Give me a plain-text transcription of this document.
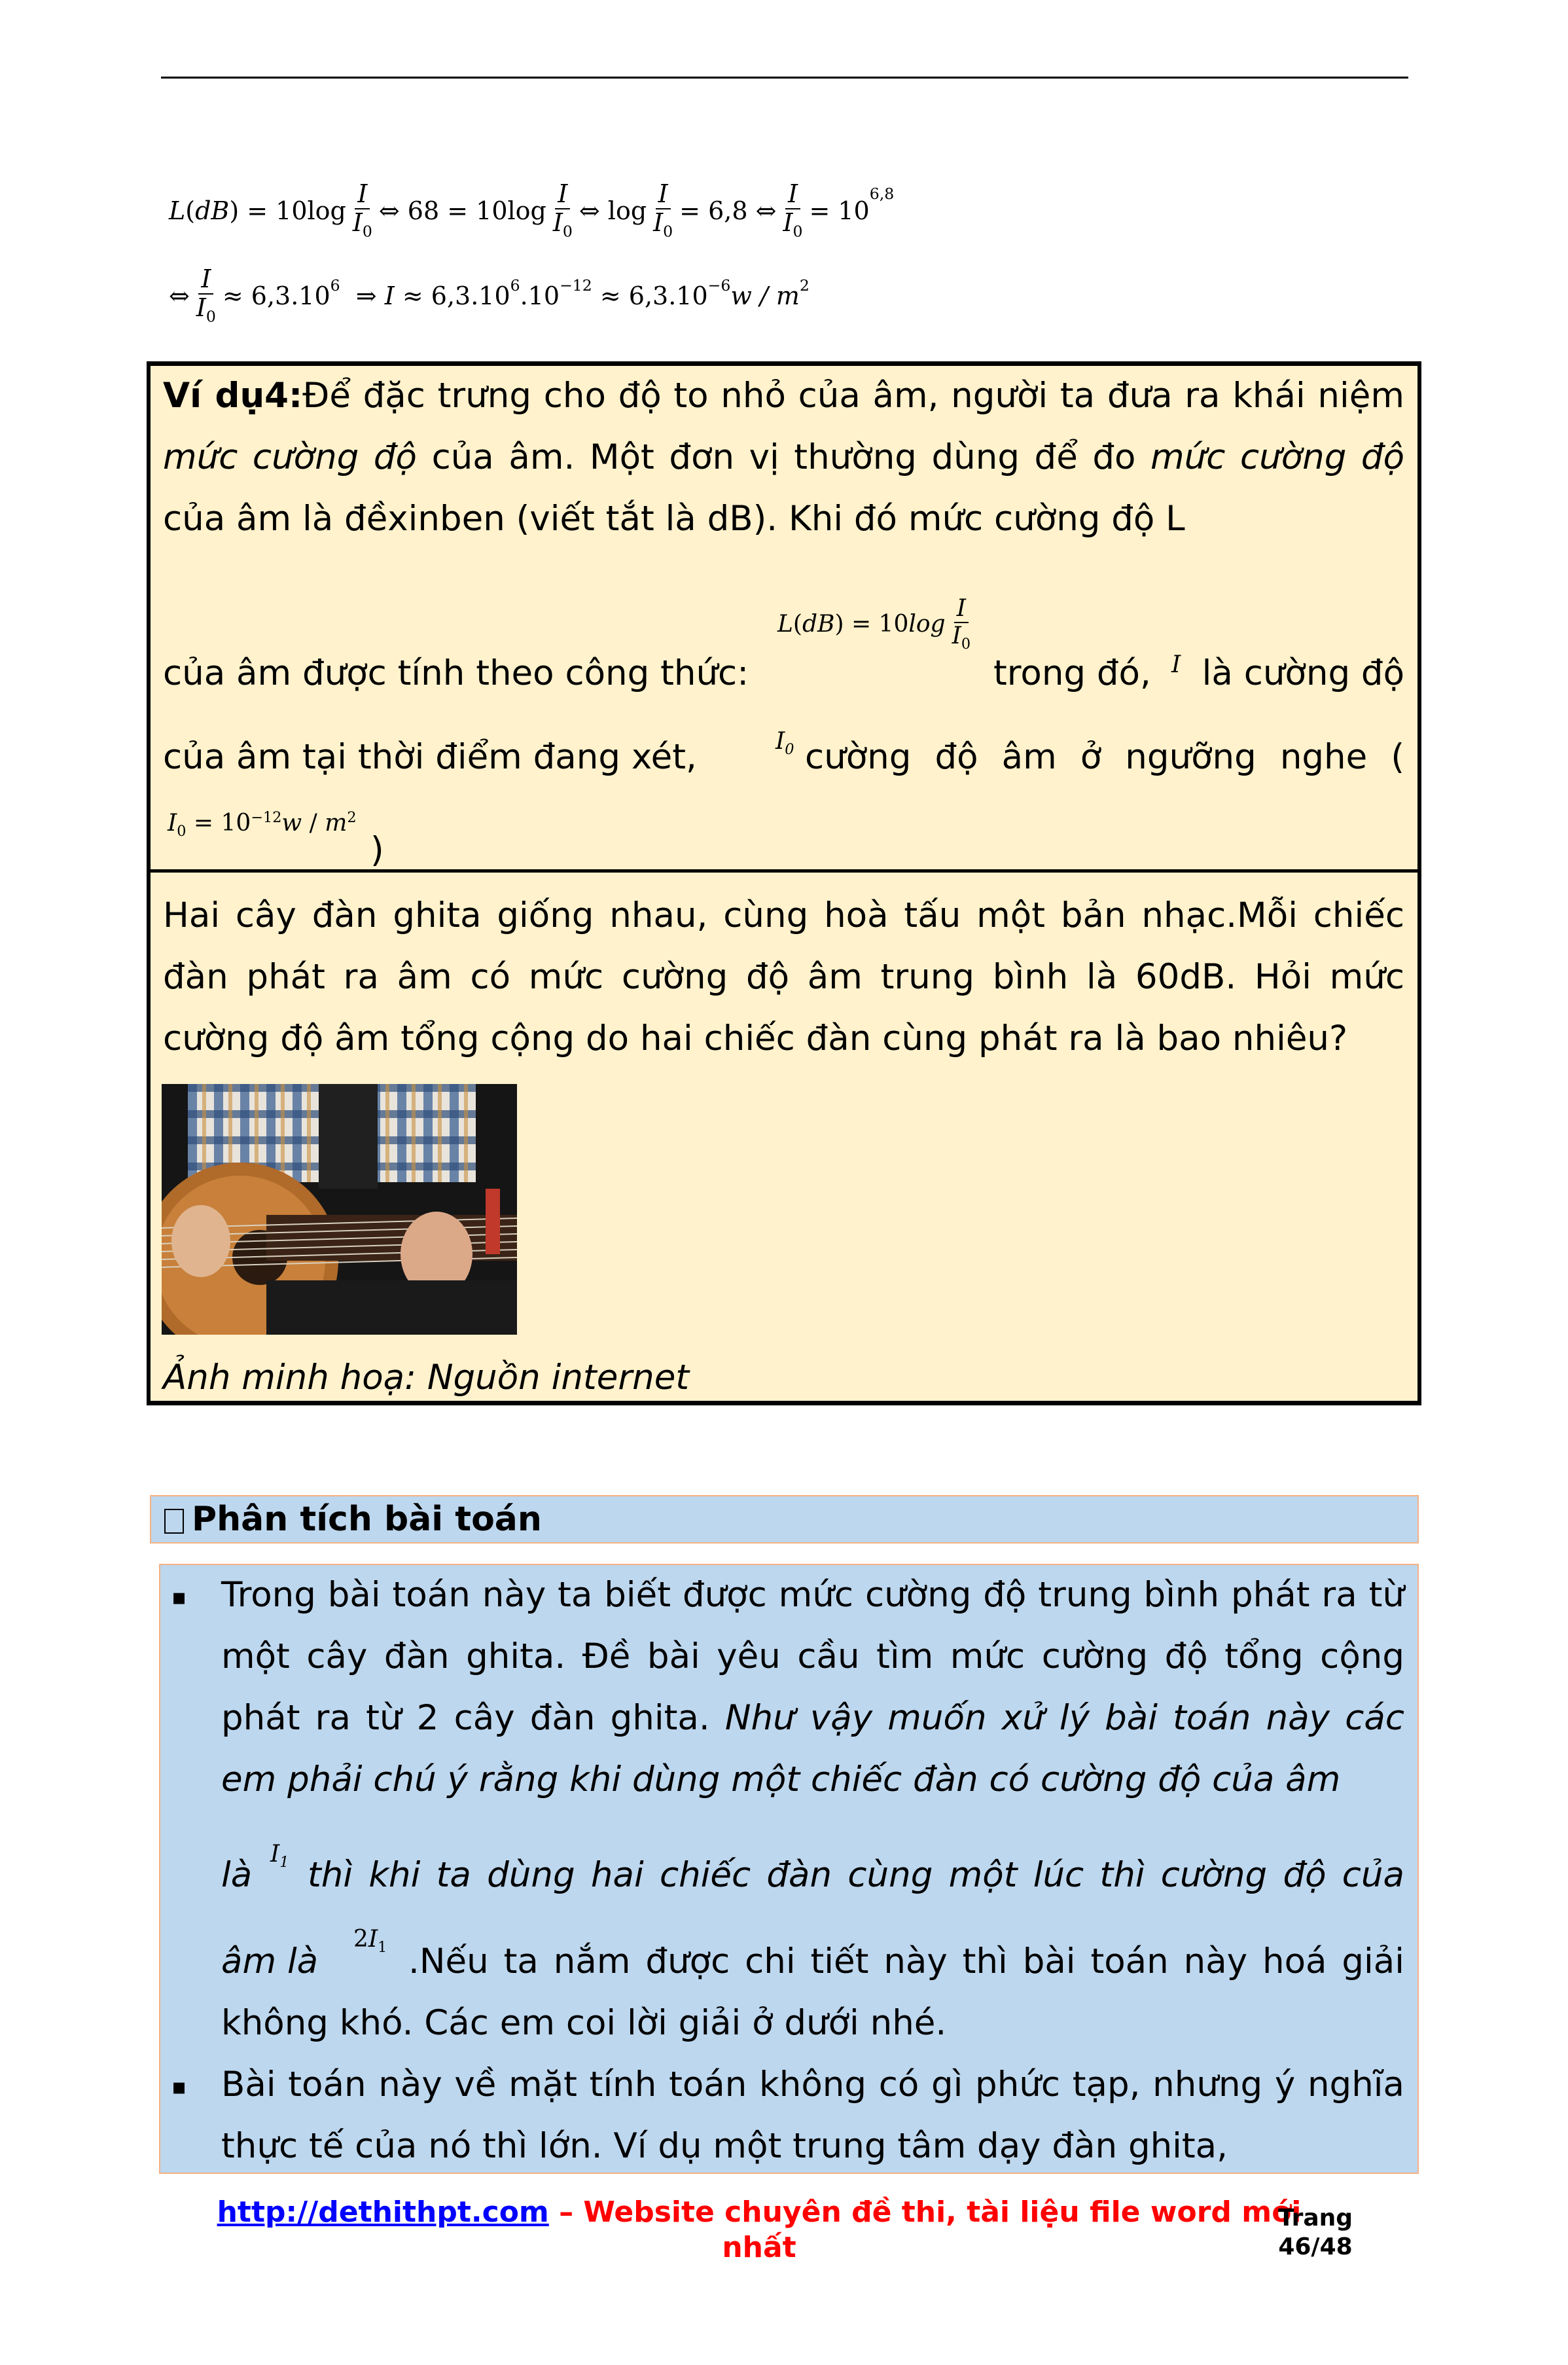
L ( dB ) = $10\log \frac{I}{I_0}$ ⇔
$68 = 10\log \frac{I}{I_0}$ ⇔
$\log \frac{I}{I_0} = 6,8$
⇔ $\frac{I}{I_0} = 10$
$^{6,8}$
⇔ $\frac{I}{I_0} \approx 6,3.10^6$
⇒
I
≈ $6,3.10^6$ $.10^{-12}$
≈ $6,3.10^{-6}$ w / $m^2$
Ví dụ4:Để đặc trưng cho độ to nhỏ của âm, người ta đưa ra khái niệm mức cường độ của âm. Một đơn vị thường dùng để đo mức cường độ của âm là đềxinben (viết tắt là dB). Khi đó mức cường độ L
của âm được tính theo công thức:
L ( dB ) = 10 $\log \frac{I}{I_0}$
trong đó, I là cường độ
của âm tại thời điểm đang xét,	$I_0$ cường độ âm ở ngưỡng nghe (
$I_0 = 10^{-12}w / m^2$
)
Hai cây đàn ghita giống nhau, cùng hoà tấu một bản nhạc.Mỗi chiếc đàn phát ra âm có mức cường độ âm trung bình là 60dB. Hỏi mức cường độ âm tổng cộng do hai chiếc đàn cùng phát ra là bao nhiêu?
Ảnh minh hoạ: Nguồn internet
Phân tích bài toán
▪ Trong bài toán này ta biết được mức cường độ trung bình phát ra từ một cây đàn ghita. Đề bài yêu cầu tìm mức cường độ tổng cộng phát ra từ 2 cây đàn ghita. Như vậy muốn xử lý bài toán này các em phải chú ý rằng khi dùng một chiếc đàn có cường độ của âm
là
$I_1$ thì khi ta dùng hai chiếc đàn cùng một lúc thì cường độ của
âm là
$2I_1$ .Nếu ta nắm được chi tiết này thì bài toán này hoá giải không khó. Các em coi lời giải ở dưới nhé.
▪ Bài toán này về mặt tính toán không có gì phức tạp, nhưng ý nghĩa thực tế của nó thì lớn. Ví dụ một trung tâm dạy đàn ghita,
http://dethithpt.com – Website chuyên đề thi, tài liệu file word mới nhất
Trang
46/48
